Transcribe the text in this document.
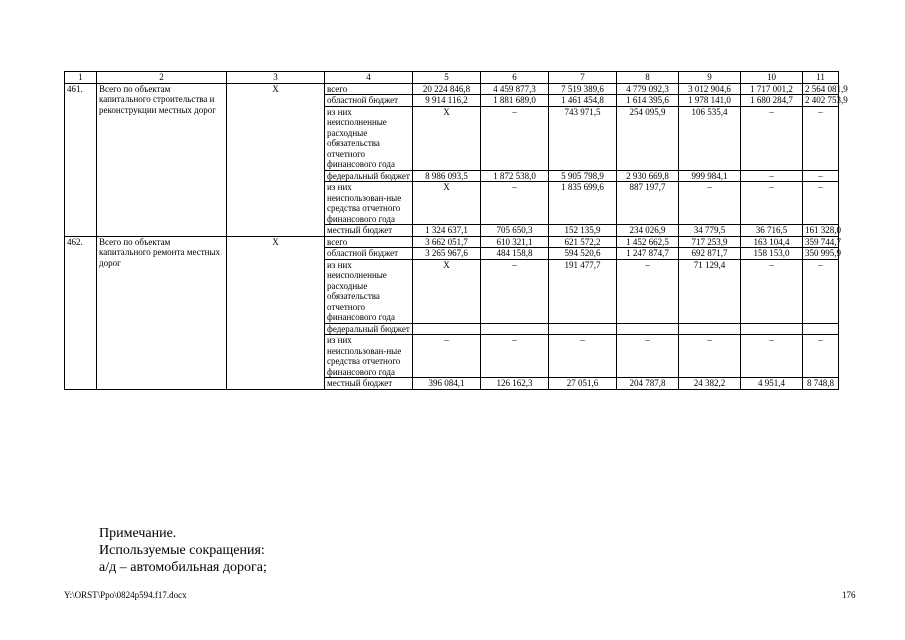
1	2	3	4	5	6	7	8	9	10	11
461.	Всего по объектам капитального строительства и реконструкции местных дорог	Х	всего	20 224 846,8	4 459 877,3	7 519 389,6	4 779 092,3	3 012 904,6	1 717 001,2	2 564 081,9
			областной бюджет	9 914 116,2	1 881 689,0	1 461 454,8	1 614 395,6	1 978 141,0	1 680 284,7	2 402 753,9
			из них неисполненные расходные обязательства отчетного финансового года	Х	–	743 971,5	254 095,9	106 535,4	–	–
			федеральный бюджет	8 986 093,5	1 872 538,0	5 905 798,9	2 930 669,8	999 984,1	–	–
			из них неиспользован-ные средства отчетного финансового года	Х	–	1 835 699,6	887 197,7	–	–	–
			местный бюджет	1 324 637,1	705 650,3	152 135,9	234 026,9	34 779,5	36 716,5	161 328,0
462.	Всего по объектам капитального ремонта местных дорог	Х	всего	3 662 051,7	610 321,1	621 572,2	1 452 662,5	717 253,9	163 104,4	359 744,7
			областной бюджет	3 265 967,6	484 158,8	594 520,6	1 247 874,7	692 871,7	158 153,0	350 995,9
			из них неисполненные расходные обязательства отчетного финансового года	Х	–	191 477,7	–	71 129,4	–	–
			федеральный бюджет							
			из них неиспользован-ные средства отчетного финансового года	–	–	–	–	–	–	–
			местный бюджет	396 084,1	126 162,3	27 051,6	204 787,8	24 382,2	4 951,4	8 748,8
Примечание.
Используемые сокращения:
а/д – автомобильная дорога;
Y:\ORST\Ppo\0824p594.f17.docx	176
